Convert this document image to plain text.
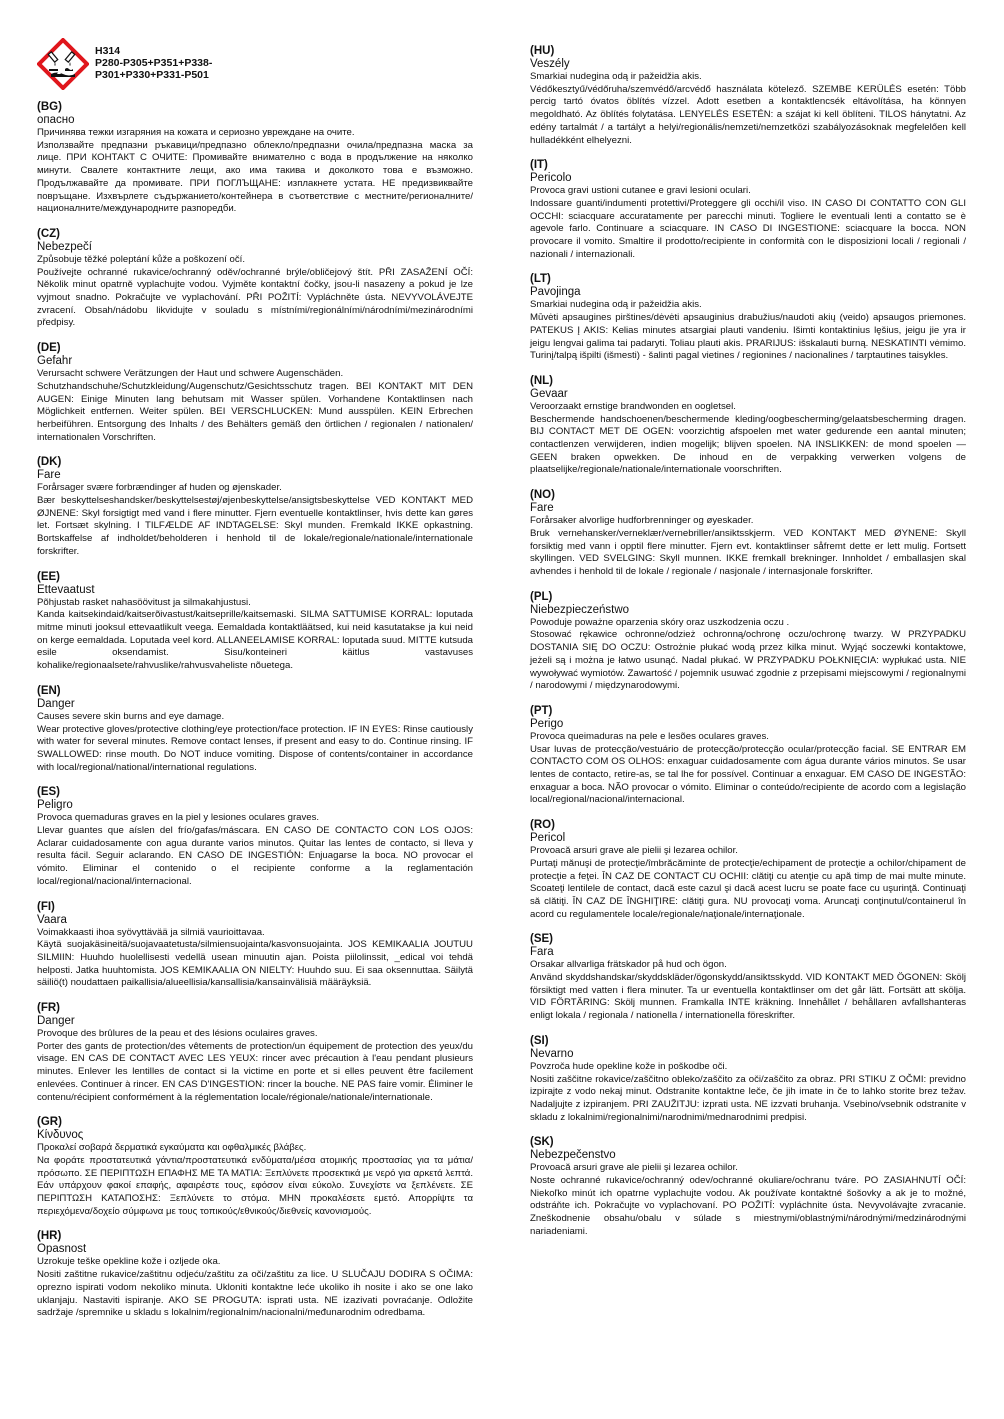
H314
P280-P305+P351+P338-
P301+P330+P331-P501
(BG)
опасно
Причинява тежки изгаряния на кожата и сериозно увреждане на очите.
Използвайте предпазни ръкавици/предпазно облекло/предпазни очила/предпазна маска за лице. ПРИ КОНТАКТ С ОЧИТЕ: Промивайте внимателно с вода в продължение на няколко минути. Свалете контактните лещи, ако има такива и доколкото това е възможно. Продължавайте да промивате. ПРИ ПОГЛЪЩАНЕ: изплакнете устата. НЕ предизвиквайте повръщане. Изхвърлете съдържанието/контейнера в съответствие с местните/регионалните/националните/международните разпоредби.
(CZ)
Nebezpečí
Způsobuje těžké poleptání kůže a poškození očí.
Používejte ochranné rukavice/ochranný oděv/ochranné brýle/obličejový štít. PŘI ZASAŽENÍ OČÍ: Několik minut opatrně vyplachujte vodou. Vyjměte kontaktní čočky, jsou-li nasazeny a pokud je lze vyjmout snadno. Pokračujte ve vyplachování. PŘI POŽITÍ: Vypláchněte ústa. NEVYVOLÁVEJTE zvracení. Obsah/nádobu likvidujte v souladu s místními/regionálními/národními/mezinárodními předpisy.
(DE)
Gefahr
Verursacht schwere Verätzungen der Haut und schwere Augenschäden.
Schutzhandschuhe/Schutzkleidung/Augenschutz/Gesichtsschutz tragen. BEI KONTAKT MIT DEN AUGEN: Einige Minuten lang behutsam mit Wasser spülen. Vorhandene Kontaktlinsen nach Möglichkeit entfernen. Weiter spülen. BEI VERSCHLUCKEN: Mund ausspülen. KEIN Erbrechen herbeiführen. Entsorgung des Inhalts / des Behälters gemäß den örtlichen / regionalen / nationalen/ internationalen Vorschriften.
(DK)
Fare
Forårsager svære forbrændinger af huden og øjenskader.
Bær beskyttelseshandsker/beskyttelsestøj/øjenbeskyttelse/ansigtsbeskyttelse VED KONTAKT MED ØJNENE: Skyl forsigtigt med vand i flere minutter. Fjern eventuelle kontaktlinser, hvis dette kan gøres let. Fortsæt skylning. I TILFÆLDE AF INDTAGELSE: Skyl munden. Fremkald IKKE opkastning. Bortskaffelse af indholdet/beholderen i henhold til de lokale/regionale/nationale/internationale forskrifter.
(EE)
Ettevaatust
Põhjustab rasket nahasöövitust ja silmakahjustusi.
Kanda kaitsekindaid/kaitserõivastust/kaitseprille/kaitsemaski. SILMA SATTUMISE KORRAL: loputada mitme minuti jooksul ettevaatlikult veega. Eemaldada kontaktläätsed, kui neid kasutatakse ja kui neid on kerge eemaldada. Loputada veel kord. ALLANEELAMISE KORRAL: loputada suud. MITTE kutsuda esile oksendamist. Sisu/konteineri käitlus vastavuses kohalike/regionaalsete/rahvuslike/rahvusvaheliste nõuetega.
(EN)
Danger
Causes severe skin burns and eye damage.
Wear protective gloves/protective clothing/eye protection/face protection. IF IN EYES: Rinse cautiously with water for several minutes. Remove contact lenses, if present and easy to do. Continue rinsing. IF SWALLOWED: rinse mouth. Do NOT induce vomiting. Dispose of contents/container in accordance with local/regional/national/international regulations.
(ES)
Peligro
Provoca quemaduras graves en la piel y lesiones oculares graves.
Llevar guantes que aíslen del frío/gafas/máscara. EN CASO DE CONTACTO CON LOS OJOS: Aclarar cuidadosamente con agua durante varios minutos. Quitar las lentes de contacto, si lleva y resulta fácil. Seguir aclarando. EN CASO DE INGESTIÓN: Enjuagarse la boca. NO provocar el vómito. Eliminar el contenido o el recipiente conforme a la reglamentación local/regional/nacional/internacional.
(FI)
Vaara
Voimakkaasti ihoa syövyttävää ja silmiä vaurioittavaa.
Käytä suojakäsineitä/suojavaatetusta/silmiensuojainta/kasvonsuojainta. JOS KEMIKAALIA JOUTUU SILMIIN: Huuhdo huolellisesti vedellä usean minuutin ajan. Poista piilolinssit, _edical voi tehdä helposti. Jatka huuhtomista. JOS KEMIKAALIA ON NIELTY: Huuhdo suu. Ei saa oksennuttaa. Säilytä säiliö(t) noudattaen paikallisia/alueellisia/kansallisia/kansainvälisiä määräyksiä.
(FR)
Danger
Provoque des brûlures de la peau et des lésions oculaires graves.
Porter des gants de protection/des vêtements de protection/un équipement de protection des yeux/du visage. EN CAS DE CONTACT AVEC LES YEUX: rincer avec précaution à l'eau pendant plusieurs minutes. Enlever les lentilles de contact si la victime en porte et si elles peuvent être facilement enlevées. Continuer à rincer. EN CAS D'INGESTION: rincer la bouche. NE PAS faire vomir. Éliminer le contenu/récipient conformément à la réglementation locale/régionale/nationale/internationale.
(GR)
Κίνδυνος
Προκαλεί σοβαρά δερματικά εγκαύματα και οφθαλμικές βλάβες.
Να φοράτε προστατευτικά γάντια/προστατευτικά ενδύματα/μέσα ατομικής προστασίας για τα μάτια/πρόσωπο. ΣΕ ΠΕΡΙΠΤΩΣΗ ΕΠΑΦΗΣ ΜΕ ΤΑ ΜΑΤΙΑ: Ξεπλύνετε προσεκτικά με νερό για αρκετά λεπτά. Εάν υπάρχουν φακοί επαφής, αφαιρέστε τους, εφόσον είναι εύκολο. Συνεχίστε να ξεπλένετε. ΣΕ ΠΕΡΙΠΤΩΣΗ ΚΑΤΑΠΟΣΗΣ: Ξεπλύνετε το στόμα. ΜΗΝ προκαλέσετε εμετό. Απορρίψτε τα περιεχόμενα/δοχείο σύμφωνα με τους τοπικούς/εθνικούς/διεθνείς κανονισμούς.
(HR)
Opasnost
Uzrokuje teške opekline kože i ozljede oka.
Nositi zaštitne rukavice/zaštitnu odjeću/zaštitu za oči/zaštitu za lice. U SLUČAJU DODIRA S OČIMA: oprezno ispirati vodom nekoliko minuta. Ukloniti kontaktne leće ukoliko ih nosite i ako se one lako uklanjaju. Nastaviti ispiranje. AKO SE PROGUTA: isprati usta. NE izazivati povraćanje. Odložite sadržaje /spremnike u skladu s lokalnim/regionalnim/nacionalni/međunarodnim odredbama.
(HU)
Veszély
Smarkiai nudegina odą ir pažeidžia akis.
Védőkesztyű/védőruha/szemvédő/arcvédő használata kötelező. SZEMBE KERÜLÉS esetén: Több percig tartó óvatos öblítés vízzel. Adott esetben a kontaktlencsék eltávolítása, ha könnyen megoldható. Az öblítés folytatása. LENYELÉS ESETÉN: a szájat ki kell öblíteni. TILOS hánytatni. Az edény tartalmát / a tartályt a helyi/regionális/nemzeti/nemzetközi szabályozásoknak megfelelően kell hulladékként elhelyezni.
(IT)
Pericolo
Provoca gravi ustioni cutanee e gravi lesioni oculari.
Indossare guanti/indumenti protettivi/Proteggere gli occhi/il viso. IN CASO DI CONTATTO CON GLI OCCHI: sciacquare accuratamente per parecchi minuti. Togliere le eventuali lenti a contatto se è agevole farlo. Continuare a sciacquare. IN CASO DI INGESTIONE: sciacquare la bocca. NON provocare il vomito. Smaltire il prodotto/recipiente in conformità con le disposizioni locali / regionali / nazionali / internazionali.
(LT)
Pavojinga
Smarkiai nudegina odą ir pažeidžia akis.
Mūvėti apsaugines pirštines/dėvėti apsauginius drabužius/naudoti akių (veido) apsaugos priemones. PATEKUS Į AKIS: Kelias minutes atsargiai plauti vandeniu. Išimti kontaktinius lęšius, jeigu jie yra ir jeigu lengvai galima tai padaryti. Toliau plauti akis. PRARIJUS: išskalauti burną. NESKATINTI vėmimo. Turinį/talpą išpilti (išmesti) - šalinti pagal vietines / regionines / nacionalines / tarptautines taisykles.
(NL)
Gevaar
Veroorzaakt ernstige brandwonden en oogletsel.
Beschermende handschoenen/beschermende kleding/oogbescherming/gelaatsbescherming dragen. BIJ CONTACT MET DE OGEN: voorzichtig afspoelen met water gedurende een aantal minuten; contactlenzen verwijderen, indien mogelijk; blijven spoelen. NA INSLIKKEN: de mond spoelen — GEEN braken opwekken. De inhoud en de verpakking verwerken volgens de plaatselijke/regionale/nationale/internationale voorschriften.
(NO)
Fare
Forårsaker alvorlige hudforbrenninger og øyeskader.
Bruk vernehansker/verneklær/vernebriller/ansiktsskjerm. VED KONTAKT MED ØYNENE: Skyll forsiktig med vann i opptil flere minutter. Fjern evt. kontaktlinser såfremt dette er lett mulig. Fortsett skyllingen. VED SVELGING: Skyll munnen. IKKE fremkall brekninger. Innholdet / emballasjen skal avhendes i henhold til de lokale / regionale / nasjonale / internasjonale forskrifter.
(PL)
Niebezpieczeństwo
Powoduje poważne oparzenia skóry oraz uszkodzenia oczu .
Stosować rękawice ochronne/odzież ochronną/ochronę oczu/ochronę twarzy. W PRZYPADKU DOSTANIA SIĘ DO OCZU: Ostrożnie płukać wodą przez kilka minut. Wyjąć soczewki kontaktowe, jeżeli są i można je łatwo usunąć. Nadal płukać. W PRZYPADKU POŁKNIĘCIA: wypłukać usta. NIE wywoływać wymiotów. Zawartość / pojemnik usuwać zgodnie z przepisami miejscowymi / regionalnymi / narodowymi / międzynarodowymi.
(PT)
Perigo
Provoca queimaduras na pele e lesões oculares graves.
Usar luvas de protecção/vestuário de protecção/protecção ocular/protecção facial. SE ENTRAR EM CONTACTO COM OS OLHOS: enxaguar cuidadosamente com água durante vários minutos. Se usar lentes de contacto, retire-as, se tal lhe for possível. Continuar a enxaguar. EM CASO DE INGESTÃO: enxaguar a boca. NÃO provocar o vómito. Eliminar o conteúdo/recipiente de acordo com a legislação local/regional/nacional/internacional.
(RO)
Pericol
Provoacă arsuri grave ale pielii şi lezarea ochilor.
Purtaţi mănuşi de protecţie/îmbrăcăminte de protecţie/echipament de protecţie a ochilor/chipament de protecţie a feţei. ÎN CAZ DE CONTACT CU OCHII: clătiţi cu atenţie cu apă timp de mai multe minute. Scoateţi lentilele de contact, dacă este cazul şi dacă acest lucru se poate face cu uşurinţă. Continuaţi să clătiţi. ÎN CAZ DE ÎNGHIŢIRE: clătiţi gura. NU provocaţi voma. Aruncaţi conţinutul/containerul în acord cu regulamentele locale/regionale/naţionale/internaţionale.
(SE)
Fara
Orsakar allvarliga frätskador på hud och ögon.
Använd skyddshandskar/skyddskläder/ögonskydd/ansiktsskydd. VID KONTAKT MED ÖGONEN: Skölj försiktigt med vatten i flera minuter. Ta ur eventuella kontaktlinser om det går lätt. Fortsätt att skölja. VID FÖRTÄRING: Skölj munnen. Framkalla INTE kräkning. Innehållet / behållaren avfallshanteras enligt lokala / regionala / nationella / internationella föreskrifter.
(SI)
Nevarno
Povzroča hude opekline kože in poškodbe oči.
Nositi zaščitne rokavice/zaščitno obleko/zaščito za oči/zaščito za obraz. PRI STIKU Z OČMI: previdno izpirajte z vodo nekaj minut. Odstranite kontaktne leče, če jih imate in če to lahko storite brez težav. Nadaljujte z izpiranjem. PRI ZAUŽITJU: izprati usta. NE izzvati bruhanja. Vsebino/vsebnik odstranite v skladu z lokalnimi/regionalnimi/narodnimi/mednarodnimi predpisi.
(SK)
Nebezpečenstvo
Provoacă arsuri grave ale pielii şi lezarea ochilor.
Noste ochranné rukavice/ochranný odev/ochranné okuliare/ochranu tváre. PO ZASIAHNUTÍ OČÍ: Niekoľko minút ich opatrne vyplachujte vodou. Ak používate kontaktné šošovky a ak je to možné, odstráňte ich. Pokračujte vo vyplachovaní. PO POŽITÍ: vypláchnite ústa. Nevyvolávajte zvracanie. Zneškodnenie obsahu/obalu v súlade s miestnymi/oblastnými/národnými/medzinárodnými nariadeniami.
